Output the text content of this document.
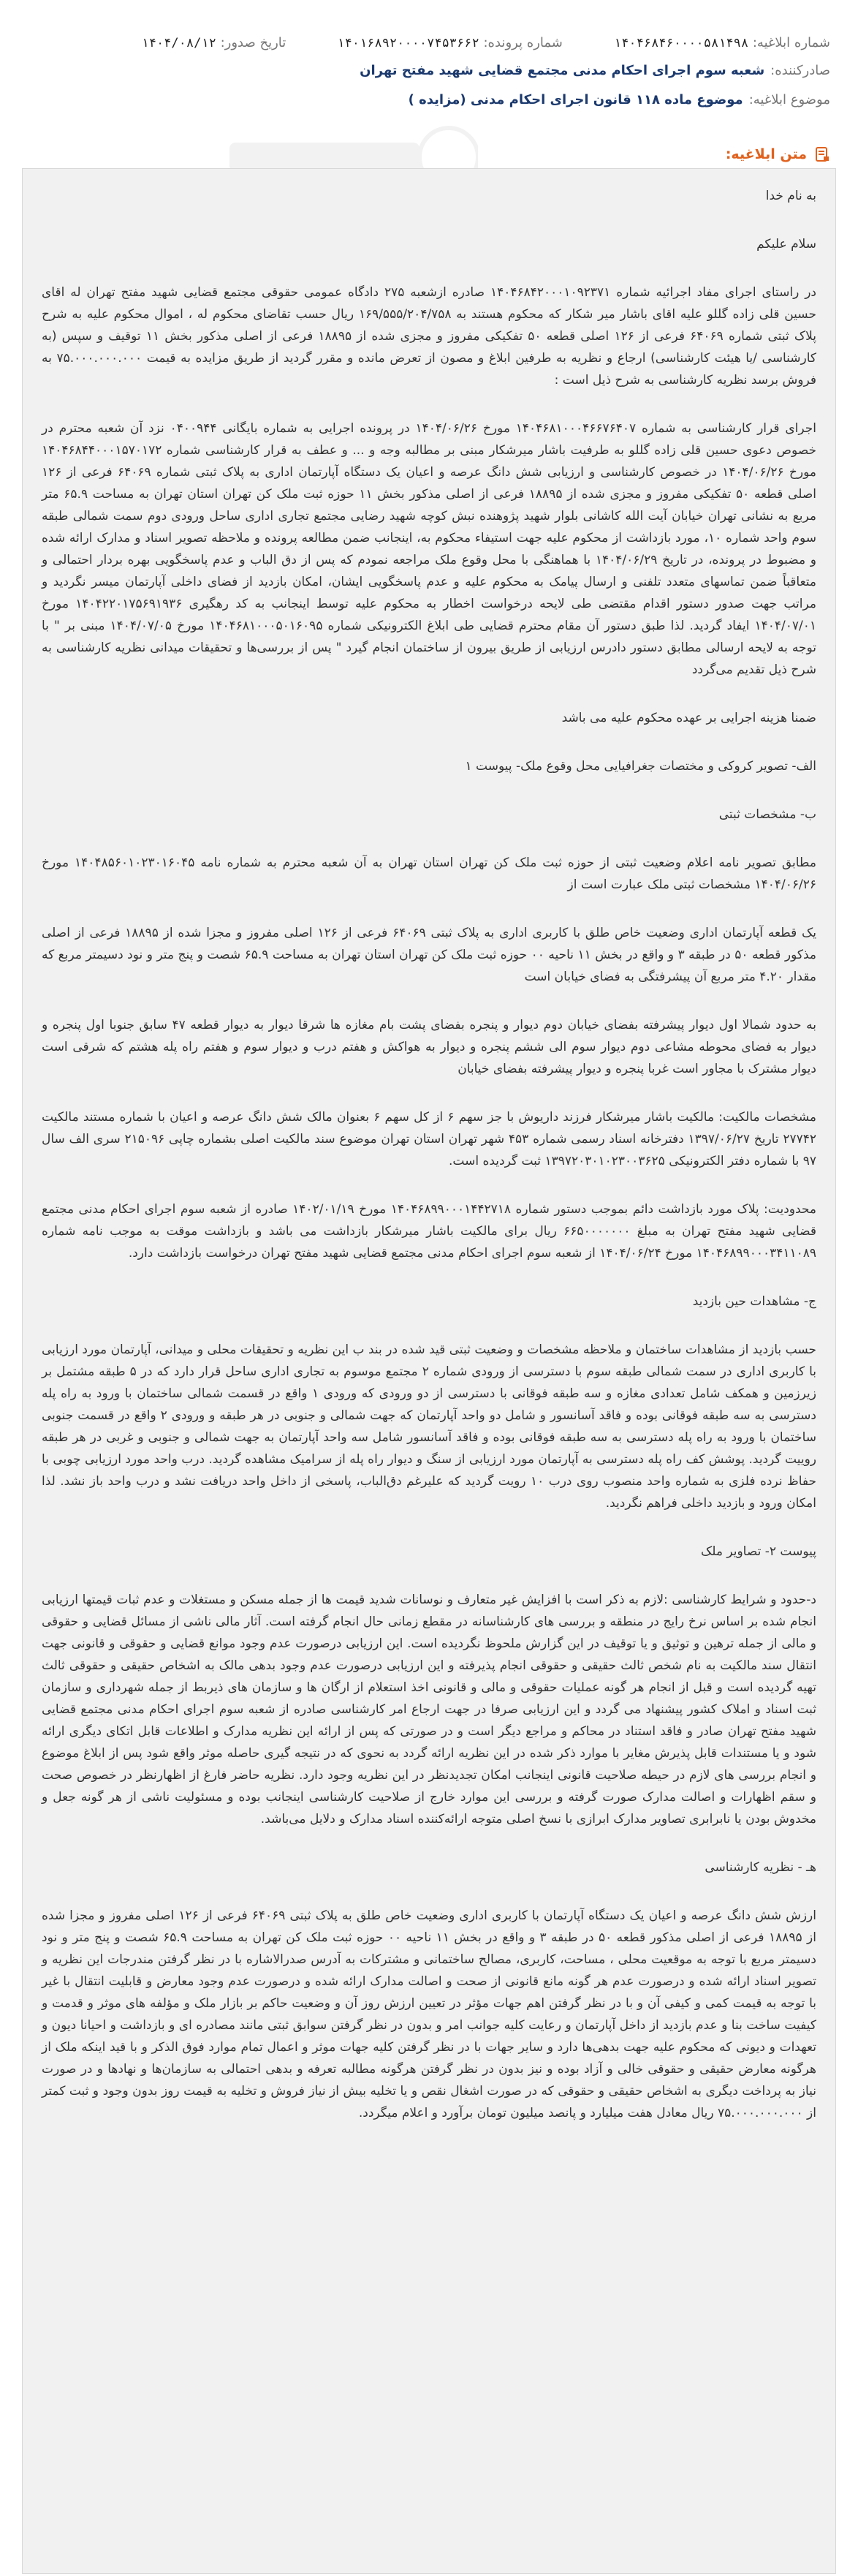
شماره ابلاغیه: ۱۴۰۴۶۸۴۶۰۰۰۰۵۸۱۴۹۸
شماره پرونده: ۱۴۰۱۶۸۹۲۰۰۰۰۷۴۵۳۶۶۲
تاریخ صدور: ۱۴۰۴/۰۸/۱۲
صادرکننده:
شعبه سوم اجرای احکام مدنی مجتمع قضایی شهید مفتح تهران
موضوع ابلاغیه:
موضوع ماده ۱۱۸ قانون اجرای احکام مدنی (مزایده )
متن ابلاغیه:

به نام خدا

سلام علیکم

در راستای اجرای مفاد اجرائیه شماره ۱۴۰۴۶۸۴۲۰۰۰۱۰۹۲۳۷۱ صادره ازشعبه ۲۷۵ دادگاه عمومی حقوقی مجتمع قضایی شهید مفتح تهران له اقای حسین قلی زاده گللو علیه اقای باشار میر شکار که محکوم هستند به ۱۶۹/۵۵۵/۲۰۴/۷۵۸ ریال حسب تقاضای محکوم له ، اموال محکوم علیه به شرح پلاک ثبتی شماره ۶۴۰۶۹ فرعی از ۱۲۶ اصلی قطعه ۵۰ تفکیکی مفروز و مجزی شده از ۱۸۸۹۵ فرعی از اصلی مذکور بخش ۱۱ توقیف و سپس (به کارشناسی /یا هیئت کارشناسی) ارجاع و نظریه به طرفین ابلاغ و مصون از تعرض مانده و مقرر گردید از طریق مزایده به قیمت ۷۵.۰۰۰.۰۰۰.۰۰۰ به فروش برسد نظریه کارشناسی به شرح ذیل است :

اجرای قرار کارشناسی به شماره ۱۴۰۴۶۸۱۰۰۰۴۶۶۷۶۴۰۷ مورخ ۱۴۰۴/۰۶/۲۶ در پرونده اجرایی به شماره بایگانی ۰۴۰۰۹۴۴ نزد آن شعبه محترم در خصوص دعوی حسین قلی زاده گللو به طرفیت باشار میرشکار مبنی بر مطالبه وجه و ... و عطف به قرار کارشناسی شماره ۱۴۰۴۶۸۴۴۰۰۰۱۵۷۰۱۷۲ مورخ ۱۴۰۴/۰۶/۲۶ در خصوص کارشناسی و ارزیابی شش دانگ عرصه و اعیان یک دستگاه آپارتمان اداری به پلاک ثبتی شماره ۶۴۰۶۹ فرعی از ۱۲۶ اصلی قطعه ۵۰ تفکیکی مفروز و مجزی شده از ۱۸۸۹۵ فرعی از اصلی مذکور بخش ۱۱ حوزه ثبت ملک کن تهران استان تهران به مساحت ۶۵.۹ متر مربع به نشانی تهران خیابان آیت الله کاشانی بلوار شهید پژوهنده نبش کوچه شهید رضایی مجتمع تجاری اداری ساحل ورودی دوم سمت شمالی طبقه سوم واحد شماره ۱۰، مورد بازداشت از محکوم علیه جهت استیفاء محکوم به، اینجانب ضمن مطالعه پرونده و ملاحظه تصویر اسناد و مدارک ارائه شده و مضبوط در پرونده، در تاریخ ۱۴۰۴/۰۶/۲۹ با هماهنگی با محل وقوع ملک مراجعه نمودم که پس از دق الباب و عدم پاسخگویی بهره بردار احتمالی و متعاقباً ضمن تماسهای متعدد تلفنی و ارسال پیامک به محکوم علیه و عدم پاسخگویی ایشان، امکان بازدید از فضای داخلی آپارتمان میسر نگردید و مراتب جهت صدور دستور اقدام مقتضی طی لایحه درخواست اخطار به محکوم علیه توسط اینجانب به کد رهگیری ۱۴۰۴۲۲۰۱۷۵۶۹۱۹۳۶ مورخ ۱۴۰۴/۰۷/۰۱ ایفاد گردید. لذا طبق دستور آن مقام محترم قضایی طی ابلاغ الکترونیکی شماره ۱۴۰۴۶۸۱۰۰۰۵۰۱۶۰۹۵ مورخ ۱۴۰۴/۰۷/۰۵ مبنی بر " با توجه به لایحه ارسالی مطابق دستور دادرس ارزیابی از طریق بیرون از ساختمان انجام گیرد " پس از بررسی‌ها و تحقیقات میدانی نظریه کارشناسی به شرح ذیل تقدیم می‌گردد

ضمنا هزینه اجرایی بر عهده محکوم علیه می باشد

الف- تصویر کروکی و مختصات جغرافیایی محل وقوع ملک- پیوست ۱

ب- مشخصات ثبتی

مطابق تصویر نامه اعلام وضعیت ثبتی از حوزه ثبت ملک کن تهران استان تهران به آن شعبه محترم به شماره نامه ۱۴۰۴۸۵۶۰۱۰۲۳۰۱۶۰۴۵ مورخ ۱۴۰۴/۰۶/۲۶ مشخصات ثبتی ملک عبارت است از

یک قطعه آپارتمان اداری وضعیت خاص طلق با کاربری اداری به پلاک ثبتی ۶۴۰۶۹ فرعی از ۱۲۶ اصلی مفروز و مجزا شده از ۱۸۸۹۵ فرعی از اصلی مذکور قطعه ۵۰ در طبقه ۳ و واقع در بخش ۱۱ ناحیه ۰۰ حوزه ثبت ملک کن تهران استان تهران به مساحت ۶۵.۹ شصت و پنج متر و نود دسیمتر مربع که مقدار ۴.۲۰ متر مربع آن پیشرفتگی به فضای خیابان است

به حدود شمالا اول دیوار پیشرفته بفضای خیابان دوم دیوار و پنجره بفضای پشت بام مغازه ها شرقا دیوار به دیوار قطعه ۴۷ سابق جنوبا اول پنجره و دیوار به فضای محوطه مشاعی دوم دیوار سوم الی ششم پنجره و دیوار به هواکش و هفتم درب و دیوار سوم و هفتم راه پله هشتم که شرقی است دیوار مشترک با مجاور است غربا پنجره و دیوار پیشرفته بفضای خیابان

مشخصات مالکیت: مالکیت باشار میرشکار فرزند داریوش با جز سهم ۶ از کل سهم ۶ بعنوان مالک شش دانگ عرصه و اعیان با شماره مستند مالکیت ۲۷۷۴۲ تاریخ ۱۳۹۷/۰۶/۲۷ دفترخانه اسناد رسمی شماره ۴۵۳ شهر تهران استان تهران موضوع سند مالکیت اصلی بشماره چاپی ۲۱۵۰۹۶ سری الف سال ۹۷ با شماره دفتر الکترونیکی ۱۳۹۷۲۰۳۰۱۰۲۳۰۰۳۶۲۵ ثبت گردیده است.

محدودیت: پلاک مورد بازداشت دائم بموجب دستور شماره ۱۴۰۴۶۸۹۹۰۰۰۱۴۴۲۷۱۸ مورخ ۱۴۰۲/۰۱/۱۹ صادره از شعبه سوم اجرای احکام مدنی مجتمع قضایی شهید مفتح تهران به مبلغ ۶۶۵۰۰۰۰۰۰۰ ریال برای مالکیت باشار میرشکار بازداشت می باشد و بازداشت موقت به موجب نامه شماره ۱۴۰۴۶۸۹۹۰۰۰۳۴۱۱۰۸۹ مورخ ۱۴۰۴/۰۶/۲۴ از شعبه سوم اجرای احکام مدنی مجتمع قضایی شهید مفتح تهران درخواست بازداشت دارد.

ج- مشاهدات حین بازدید

حسب بازدید از مشاهدات ساختمان و ملاحظه مشخصات و وضعیت ثبتی قید شده در بند ب این نظریه و تحقیقات محلی و میدانی، آپارتمان مورد ارزیابی با کاربری اداری در سمت شمالی طبقه سوم با دسترسی از ورودی شماره ۲ مجتمع موسوم به تجاری اداری ساحل قرار دارد که در ۵ طبقه مشتمل بر زیرزمین و همکف شامل تعدادی مغازه و سه طبقه فوقانی با دسترسی از دو ورودی که ورودی ۱ واقع در قسمت شمالی ساختمان با ورود به راه پله دسترسی به سه طبقه فوقانی بوده و فاقد آسانسور و شامل دو واحد آپارتمان که جهت شمالی و جنوبی در هر طبقه و ورودی ۲ واقع در قسمت جنوبی ساختمان با ورود به راه پله دسترسی به سه طبقه فوقانی بوده و فاقد آسانسور شامل سه واحد آپارتمان به جهت شمالی و جنوبی و غربی در هر طبقه روییت گردید. پوشش کف راه پله دسترسی به آپارتمان مورد ارزیابی از سنگ و دیوار راه پله از سرامیک مشاهده گردید. درب واحد مورد ارزیابی چوبی با حفاظ نرده فلزی به شماره واحد منصوب روی درب ۱۰ رویت گردید که علیرغم دق‌الباب، پاسخی از داخل واحد دریافت نشد و درب واحد باز نشد. لذا امکان ورود و بازدید داخلی فراهم نگردید.

پیوست ۲- تصاویر ملک

د-حدود و شرایط کارشناسی :لازم به ذکر است با افزایش غیر متعارف و نوسانات شدید قیمت ها از جمله مسکن و مستغلات و عدم ثبات قیمتها ارزیابی انجام شده بر اساس نرخ رایج در منطقه و بررسی های کارشناسانه در مقطع زمانی حال انجام گرفته است. آثار مالی ناشی از مسائل قضایی و حقوقی و مالی از جمله ترهین و توثیق و یا توقیف در این گزارش ملحوظ نگردیده است. این ارزیابی درصورت عدم وجود موانع قضایی و حقوقی و قانونی جهت انتقال سند مالکیت به نام شخص ثالث حقیقی و حقوقی انجام پذیرفته و این ارزیابی درصورت عدم وجود بدهی مالک به اشخاص حقیقی و حقوقی ثالث تهیه گردیده است و قبل از انجام هر گونه عملیات حقوقی و مالی و قانونی اخذ استعلام از ارگان ها و سازمان های ذیربط از جمله شهرداری و سازمان ثبت اسناد و املاک کشور پیشنهاد می گردد و این ارزیابی صرفا در جهت ارجاع امر کارشناسی صادره از شعبه سوم اجرای احکام مدنی مجتمع قضایی شهید مفتح تهران صادر و فاقد استناد در محاکم و مراجع دیگر است و در صورتی که پس از ارائه این نظریه مدارک و اطلاعات قابل اتکای دیگری ارائه شود و یا مستندات قابل پذیرش مغایر با موارد ذکر شده در این نظریه ارائه گردد به نحوی که در نتیجه گیری حاصله موثر واقع شود پس از ابلاغ موضوع و انجام بررسی های لازم در حیطه صلاحیت قانونی اینجانب امکان تجدیدنظر در این نظریه وجود دارد. نظریه حاضر فارغ از اظهارنظر در خصوص صحت و سقم اظهارات و اصالت مدارک صورت گرفته و بررسی این موارد خارج از صلاحیت کارشناسی اینجانب بوده و مسئولیت ناشی از هر گونه جعل و مخدوش بودن یا نابرابری تصاویر مدارک ابرازی با نسخ اصلی متوجه ارائه‌کننده اسناد مدارک و دلایل می‌باشد.

هـ - نظریه کارشناسی

ارزش شش دانگ عرصه و اعیان یک دستگاه آپارتمان با کاربری اداری وضعیت خاص طلق به پلاک ثبتی ۶۴۰۶۹ فرعی از ۱۲۶ اصلی مفروز و مجزا شده از ۱۸۸۹۵ فرعی از اصلی مذکور قطعه ۵۰ در طبقه ۳ و واقع در بخش ۱۱ ناحیه ۰۰ حوزه ثبت ملک کن تهران به مساحت ۶۵.۹ شصت و پنج متر و نود دسیمتر مربع با توجه به موقعیت محلی ، مساحت، کاربری، مصالح ساختمانی و مشترکات به آدرس صدرالاشاره با در نظر گرفتن مندرجات این نظریه و تصویر اسناد ارائه شده و درصورت عدم هر گونه مانع قانونی از صحت و اصالت مدارک ارائه شده و درصورت عدم وجود معارض و قابلیت انتقال با غیر با توجه به قیمت کمی و کیفی آن و با در نظر گرفتن اهم جهات مؤثر در تعیین ارزش روز آن و وضعیت حاکم بر بازار ملک و مؤلفه های موثر و قدمت و کیفیت ساخت بنا و عدم بازدید از داخل آپارتمان و رعایت کلیه جوانب امر و بدون در نظر گرفتن سوابق ثبتی مانند مصادره ای و بازداشت و احیانا دیون و تعهدات و دیونی که محکوم علیه جهت بدهی‌ها دارد و سایر جهات با در نظر گرفتن کلیه جهات موثر و اعمال تمام موارد فوق الذکر و با قید اینکه ملک از هرگونه معارض حقیقی و حقوقی خالی و آزاد بوده و نیز بدون در نظر گرفتن هرگونه مطالبه تعرفه و بدهی احتمالی به سازمان‌ها و نهاد‌ها و در صورت نیاز به پرداخت دیگری به اشخاص حقیقی و حقوقی که در صورت اشغال نقص و یا تخلیه بیش از نیاز فروش و تخلیه به قیمت روز بدون وجود و ثبت کمتر از ۷۵.۰۰۰.۰۰۰.۰۰۰ ریال معادل هفت میلیارد و پانصد میلیون تومان برآورد و اعلام میگردد.
